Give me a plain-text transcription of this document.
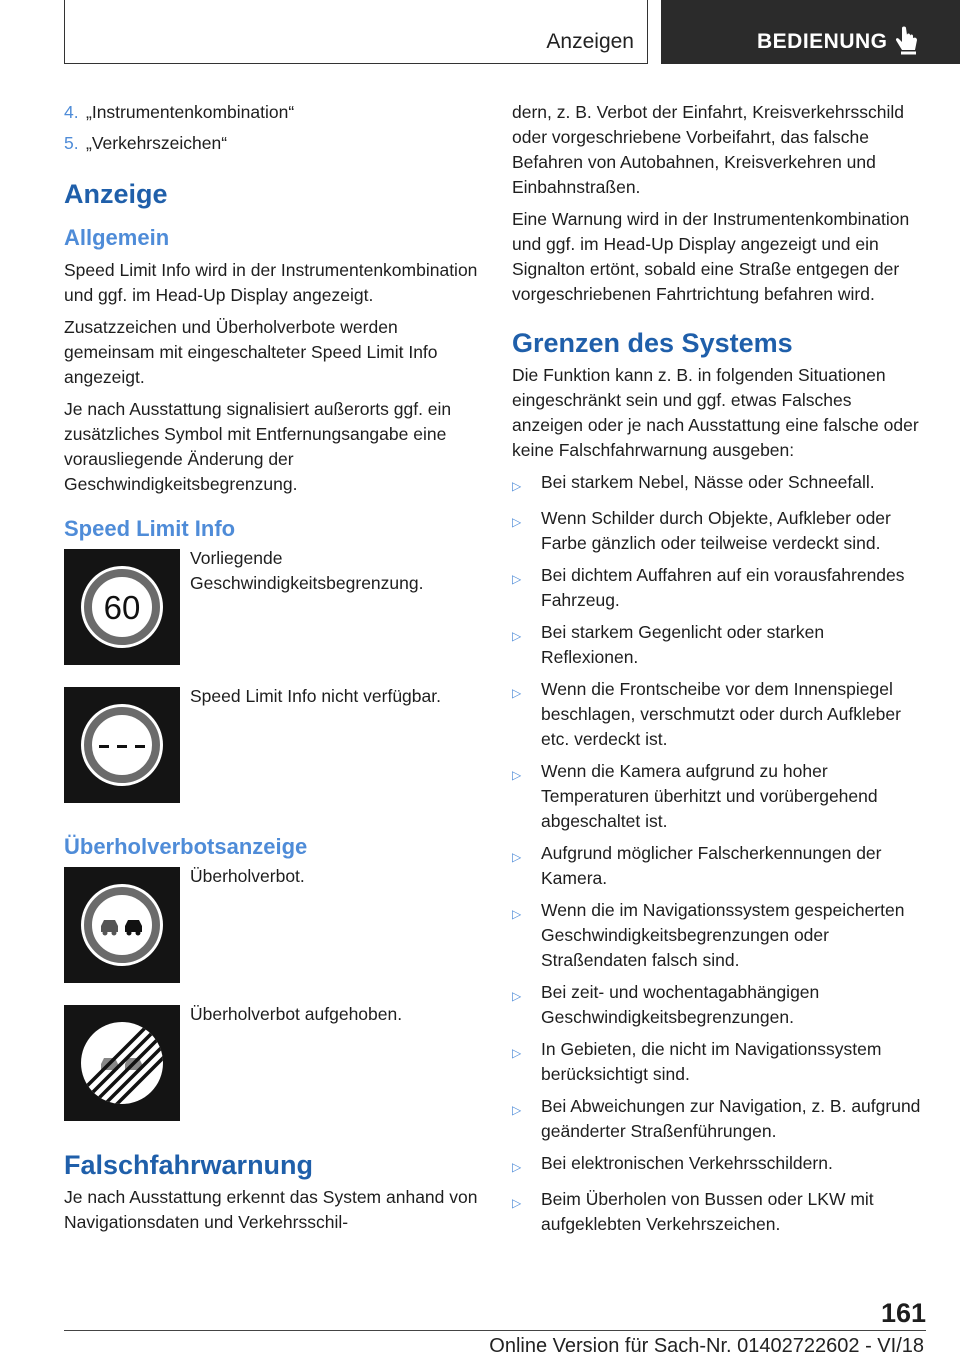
Anzeigen	BEDIENUNG
4. „Instrumentenkombination“
5. „Verkehrszeichen“
Anzeige
Allgemein

Speed Limit Info wird in der Instrumentenkombination und ggf. im Head-Up Display angezeigt.

Zusatzzeichen und Überholverbote werden gemeinsam mit eingeschalteter Speed Limit Info angezeigt.

Je nach Ausstattung signalisiert außerorts ggf. ein zusätzliches Symbol mit Entfernungsangabe eine vorausliegende Änderung der Geschwindigkeitsbegrenzung.

Speed Limit Info
60
Vorliegende Geschwindigkeitsbegrenzung.
Speed Limit Info nicht verfügbar.
Überholverbotsanzeige
Überholverbot.
Überholverbot aufgehoben.
Falschfahrwarnung

Je nach Ausstattung erkennt das System anhand von Navigationsdaten und Verkehrsschil-

dern, z. B. Verbot der Einfahrt, Kreisverkehrsschild oder vorgeschriebene Vorbeifahrt, das falsche Befahren von Autobahnen, Kreisverkehren und Einbahnstraßen.

Eine Warnung wird in der Instrumentenkombination und ggf. im Head-Up Display angezeigt und ein Signalton ertönt, sobald eine Straße entgegen der vorgeschriebenen Fahrtrichtung befahren wird.

Grenzen des Systems

Die Funktion kann z. B. in folgenden Situationen eingeschränkt sein und ggf. etwas Falsches anzeigen oder je nach Ausstattung eine falsche oder keine Falschfahrwarnung ausgeben:

▷	Bei starkem Nebel, Nässe oder Schneefall.
▷	Wenn Schilder durch Objekte, Aufkleber oder Farbe gänzlich oder teilweise verdeckt sind.
▷	Bei dichtem Auffahren auf ein vorausfahrendes Fahrzeug.
▷	Bei starkem Gegenlicht oder starken Reflexionen.
▷	Wenn die Frontscheibe vor dem Innenspiegel beschlagen, verschmutzt oder durch Aufkleber etc. verdeckt ist.
▷	Wenn die Kamera aufgrund zu hoher Temperaturen überhitzt und vorübergehend abgeschaltet ist.
▷	Aufgrund möglicher Falscherkennungen der Kamera.
▷	Wenn die im Navigationssystem gespeicherten Geschwindigkeitsbegrenzungen oder Straßendaten falsch sind.
▷	Bei zeit- und wochentagabhängigen Geschwindigkeitsbegrenzungen.
▷	In Gebieten, die nicht im Navigationssystem berücksichtigt sind.
▷	Bei Abweichungen zur Navigation, z. B. aufgrund geänderter Straßenführungen.
▷	Bei elektronischen Verkehrsschildern.
▷	Beim Überholen von Bussen oder LKW mit aufgeklebten Verkehrszeichen.
161
Online Version für Sach-Nr. 01402722602 - VI/18
